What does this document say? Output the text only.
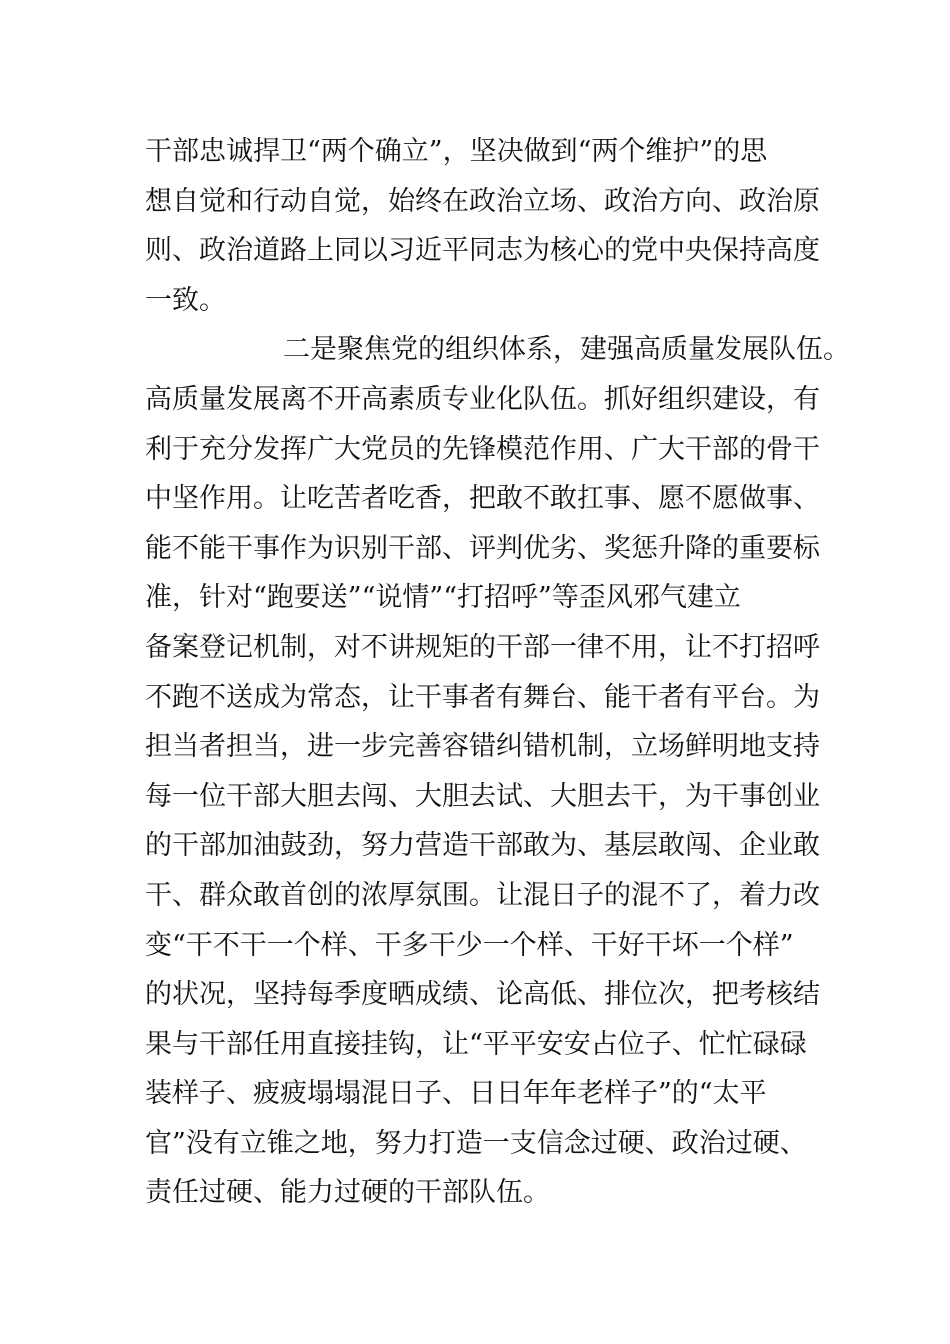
干部忠诚捍卫“两个确立”，坚决做到“两个维护”的思
想自觉和行动自觉，始终在政治立场、政治方向、政治原
则、政治道路上同以习近平同志为核心的党中央保持高度
一致。
二是聚焦党的组织体系，建强高质量发展队伍。
高质量发展离不开高素质专业化队伍。抓好组织建设，有
利于充分发挥广大党员的先锋模范作用、广大干部的骨干
中坚作用。让吃苦者吃香，把敢不敢扛事、愿不愿做事、
能不能干事作为识别干部、评判优劣、奖惩升降的重要标
准，针对“跑要送”“说情”“打招呼”等歪风邪气建立
备案登记机制，对不讲规矩的干部一律不用，让不打招呼
不跑不送成为常态，让干事者有舞台、能干者有平台。为
担当者担当，进一步完善容错纠错机制，立场鲜明地支持
每一位干部大胆去闯、大胆去试、大胆去干，为干事创业
的干部加油鼓劲，努力营造干部敢为、基层敢闯、企业敢
干、群众敢首创的浓厚氛围。让混日子的混不了，着力改
变“干不干一个样、干多干少一个样、干好干坏一个样”
的状况，坚持每季度晒成绩、论高低、排位次，把考核结
果与干部任用直接挂钩，让“平平安安占位子、忙忙碌碌
装样子、疲疲塌塌混日子、日日年年老样子”的“太平
官”没有立锥之地，努力打造一支信念过硬、政治过硬、
责任过硬、能力过硬的干部队伍。
